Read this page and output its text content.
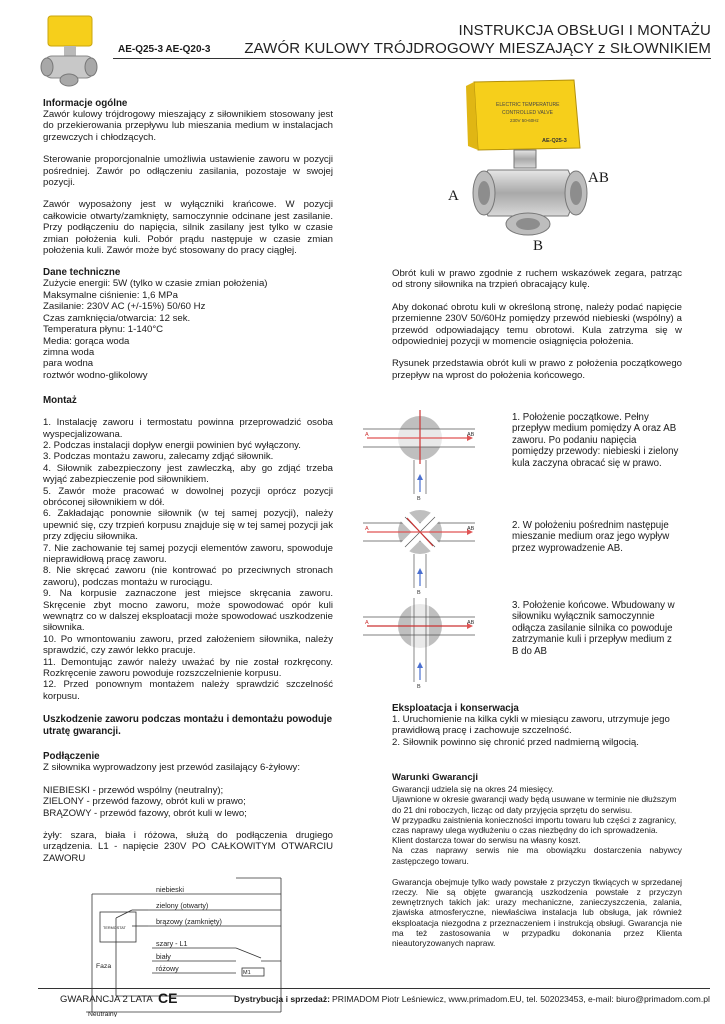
AE-Q25-3 AE-Q20-3
INSTRUKCJA OBSŁUGI I MONTAŻU
ZAWÓR KULOWY TRÓJDROGOWY MIESZAJĄCY z SIŁOWNIKIEM

Informacje ogólne

Zawór kulowy trójdrogowy mieszający z siłownikiem stosowany jest do przekierowania przepływu lub mieszania medium w instalacjach grzewczych i chłodzących.

Sterowanie proporcjonalnie umożliwia ustawienie zaworu w pozycji pośredniej. Zawór po odłączeniu zasilania, pozostaje w swojej pozycji.

Zawór wyposażony jest w wyłączniki krańcowe. W pozycji całkowicie otwarty/zamknięty, samoczynnie odcinane jest zasilanie. Przy podłączeniu do napięcia, silnik zasilany jest tylko w czasie zmian położenia kuli. Pobór prądu następuje w czasie zmian położenia kuli. Zawór może być stosowany do pracy ciągłej.

Dane techniczne

Zużycie energii: 5W (tylko w czasie zmian położenia)

Maksymalne ciśnienie: 1,6 MPa

Zasilanie: 230V AC (+/-15%) 50/60 Hz

Czas zamknięcia/otwarcia: 12 sek.

Temperatura płynu: 1-140°C

Media: gorąca woda

zimna woda

para wodna

roztwór wodno-glikolowy

Montaż

1. Instalację zaworu i termostatu powinna przeprowadzić osoba wyspecjalizowana.

2. Podczas instalacji dopływ energii powinien być wyłączony.

3. Podczas montażu zaworu, zalecamy zdjąć siłownik.

4. Siłownik zabezpieczony jest zawleczką, aby go zdjąć trzeba wyjąć zabezpieczenie pod siłownikiem.

5. Zawór może pracować w dowolnej pozycji oprócz pozycji obróconej siłownikiem w dół.

6. Zakładając ponownie siłownik (w tej samej pozycji), należy upewnić się, czy trzpień korpusu znajduje się w tej samej pozycji jak przy zdjęciu siłownika.

7. Nie zachowanie tej samej pozycji elementów zaworu, spowoduje nieprawidłową pracę zaworu.

8. Nie skręcać zaworu (nie kontrować po przeciwnych stronach zaworu), podczas montażu w rurociągu.

9. Na korpusie zaznaczone jest miejsce skręcania zaworu. Skręcenie zbyt mocno zaworu, może spowodować opór kuli wewnątrz co w dalszej eksploatacji może spowodować uszkodzenie siłownika.

10. Po wmontowaniu zaworu, przed założeniem siłownika, należy sprawdzić, czy zawór lekko pracuje.

11. Demontując zawór należy uważać by nie został rozkręcony. Rozkręcenie zaworu powoduje rozszczelnienie korpusu.

12. Przed ponownym montażem należy sprawdzić szczelność korpusu.

Uszkodzenie zaworu podczas montażu i demontażu powoduje utratę gwarancji.

Podłączenie

Z siłownika wyprowadzony jest przewód zasilający 6-żyłowy:

NIEBIESKI - przewód wspólny (neutralny);

ZIELONY - przewód fazowy, obrót kuli w prawo;

BRĄZOWY - przewód fazowy, obrót kuli w lewo;

żyły: szara, biała i różowa, służą do podłączenia drugiego urządzenia. L1 - napięcie 230V PO CAŁKOWITYM OTWARCIU ZAWORU

niebieski
zielony (otwarty)
brązowy (zamknięty)
TERMOSTAT
szary - L1
biały
różowy	M1
Faza
Neutralny
ELECTRIC TEMPERATURE
CONTROLLED VALVE
230V 50-60Hz
AE-Q25-3
A
AB
B

Obrót kuli w prawo zgodnie z ruchem wskazówek zegara, patrząc od strony siłownika na trzpień obracający kulę.

Aby dokonać obrotu kuli w określoną stronę, należy podać napięcie przemienne 230V 50/60Hz pomiędzy przewód niebieski (wspólny) a przewód odpowiadający temu obrotowi. Kula zatrzyma się w odpowiedniej pozycji w momencie osiągnięcia położenia.

Rysunek przedstawia obrót kuli w prawo z położenia początkowego przepływ na wprost do położenia końcowego.

A	AB
B
A	AB
B
A	AB
B
1. Położenie początkowe. Pełny przepływ medium pomiędzy A oraz AB zaworu. Po podaniu napięcia pomiędzy przewody: niebieski i zielony kula zaczyna obracać się w prawo.
2. W położeniu pośrednim następuje mieszanie medium oraz jego wypływ przez wyprowadzenie AB.
3. Położenie końcowe. Wbudowany w siłowniku wyłącznik samoczynnie odłącza zasilanie silnika co powoduje zatrzymanie kuli i przepływ medium z B do AB

Eksploatacja i konserwacja

1. Uruchomienie na kilka cykli w miesiącu zaworu, utrzymuje jego prawidłową pracę i zachowuje szczelność.

2. Siłownik powinno się chronić przed nadmierną wilgocią.

Warunki Gwarancji

Gwarancji udziela się na okres 24 miesięcy.

Ujawnione w okresie gwarancji wady będą usuwane w terminie nie dłuższym do 21 dni roboczych, licząc od daty przyjęcia sprzętu do serwisu.

W przypadku zaistnienia konieczności importu towaru lub części z zagranicy, czas naprawy ulega wydłużeniu o czas niezbędny do ich sprowadzenia.

Klient dostarcza towar do serwisu na własny koszt.

Na czas naprawy serwis nie ma obowiązku dostarczenia nabywcy zastępczego towaru.

Gwarancja obejmuje tylko wady powstałe z przyczyn tkwiących w sprzedanej rzeczy. Nie są objęte gwarancją uszkodzenia powstałe z przyczyn zewnętrznych takich jak: urazy mechaniczne, zanieczyszczenia, zalania, zjawiska atmosferyczne, niewłaściwa instalacja lub obsługa, jak również eksploatacja niezgodna z przeznaczeniem i instrukcją obsługi. Gwarancja nie ma też zastosowania w przypadku dokonania przez Klienta nieautoryzowanych napraw.

GWARANCJA 2 LATA CE	Dystrybucja i sprzedaż: PRIMADOM Piotr Leśniewicz, www.primadom.EU, tel. 502023453, e-mail: biuro@primadom.com.pl
